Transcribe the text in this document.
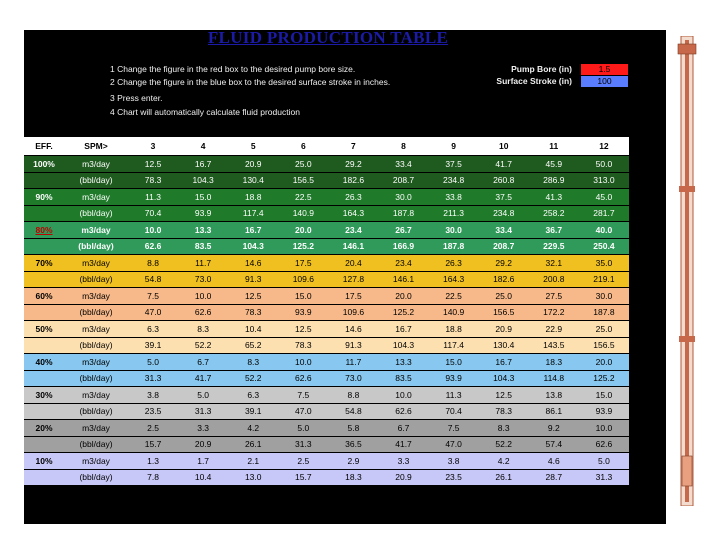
FLUID PRODUCTION TABLE
1 Change the figure in the red box to the desired pump bore size.
2 Change the figure in the blue box to the desired surface stroke in inches.
3 Press enter.
4 Chart will automatically calculate fluid production
Pump Bore (in)	1.5
Surface Stroke (in)	100
EFF.	SPM>	3	4	5	6	7	8	9	10	11	12
100%	m3/day	12.5	16.7	20.9	25.0	29.2	33.4	37.5	41.7	45.9	50.0
	(bbl/day)	78.3	104.3	130.4	156.5	182.6	208.7	234.8	260.8	286.9	313.0
90%	m3/day	11.3	15.0	18.8	22.5	26.3	30.0	33.8	37.5	41.3	45.0
	(bbl/day)	70.4	93.9	117.4	140.9	164.3	187.8	211.3	234.8	258.2	281.7
80%	m3/day	10.0	13.3	16.7	20.0	23.4	26.7	30.0	33.4	36.7	40.0
	(bbl/day)	62.6	83.5	104.3	125.2	146.1	166.9	187.8	208.7	229.5	250.4
70%	m3/day	8.8	11.7	14.6	17.5	20.4	23.4	26.3	29.2	32.1	35.0
	(bbl/day)	54.8	73.0	91.3	109.6	127.8	146.1	164.3	182.6	200.8	219.1
60%	m3/day	7.5	10.0	12.5	15.0	17.5	20.0	22.5	25.0	27.5	30.0
	(bbl/day)	47.0	62.6	78.3	93.9	109.6	125.2	140.9	156.5	172.2	187.8
50%	m3/day	6.3	8.3	10.4	12.5	14.6	16.7	18.8	20.9	22.9	25.0
	(bbl/day)	39.1	52.2	65.2	78.3	91.3	104.3	117.4	130.4	143.5	156.5
40%	m3/day	5.0	6.7	8.3	10.0	11.7	13.3	15.0	16.7	18.3	20.0
	(bbl/day)	31.3	41.7	52.2	62.6	73.0	83.5	93.9	104.3	114.8	125.2
30%	m3/day	3.8	5.0	6.3	7.5	8.8	10.0	11.3	12.5	13.8	15.0
	(bbl/day)	23.5	31.3	39.1	47.0	54.8	62.6	70.4	78.3	86.1	93.9
20%	m3/day	2.5	3.3	4.2	5.0	5.8	6.7	7.5	8.3	9.2	10.0
	(bbl/day)	15.7	20.9	26.1	31.3	36.5	41.7	47.0	52.2	57.4	62.6
10%	m3/day	1.3	1.7	2.1	2.5	2.9	3.3	3.8	4.2	4.6	5.0
	(bbl/day)	7.8	10.4	13.0	15.7	18.3	20.9	23.5	26.1	28.7	31.3
